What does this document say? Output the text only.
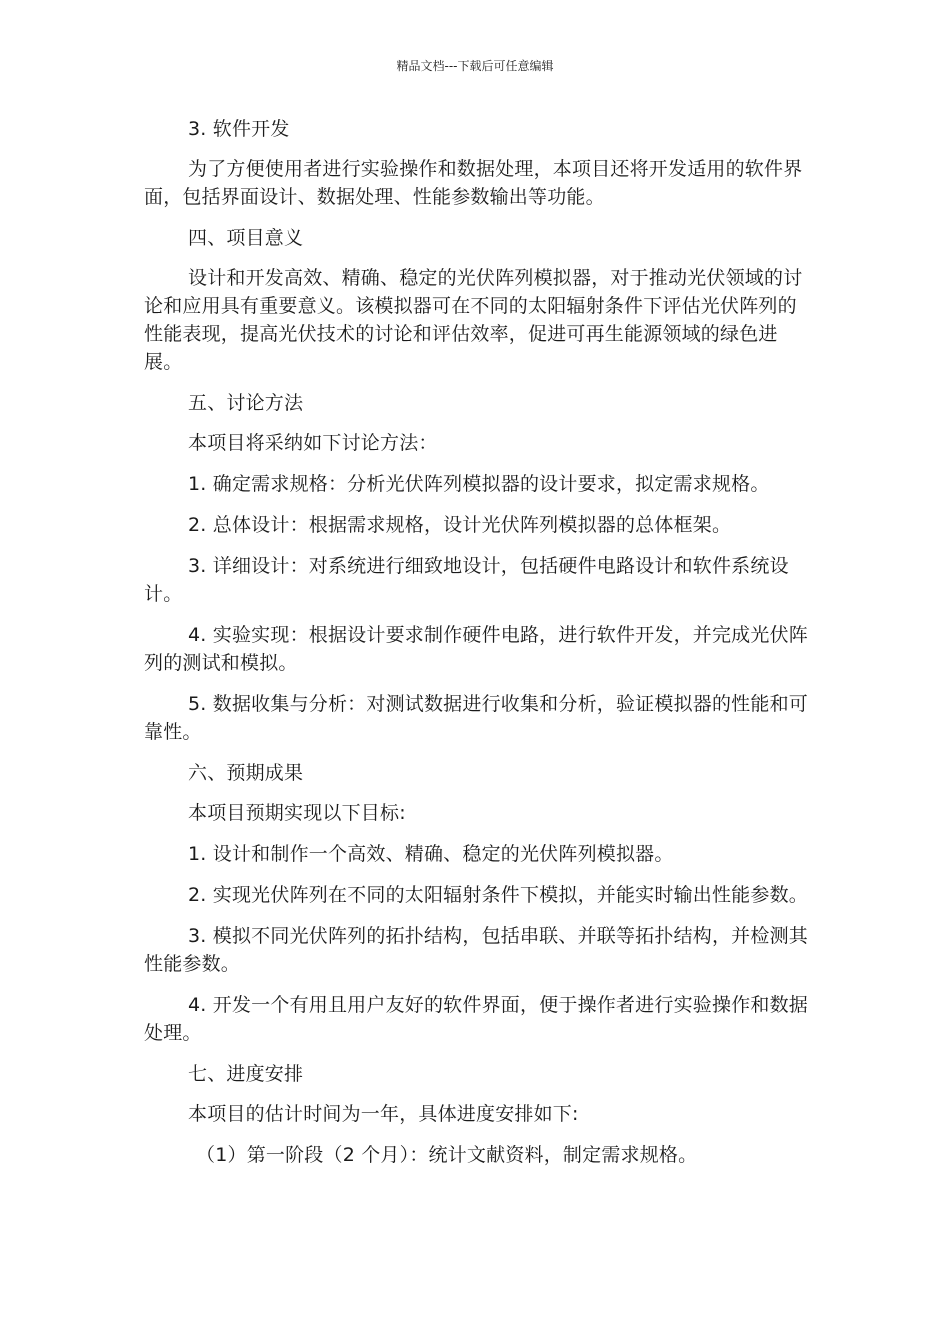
精品文档---下载后可任意编辑

3. 软件开发

为了方便使用者进行实验操作和数据处理，本项目还将开发适用的软件界面，包括界面设计、数据处理、性能参数输出等功能。

四、项目意义

设计和开发高效、精确、稳定的光伏阵列模拟器，对于推动光伏领域的讨论和应用具有重要意义。该模拟器可在不同的太阳辐射条件下评估光伏阵列的性能表现，提高光伏技术的讨论和评估效率，促进可再生能源领域的绿色进展。

五、讨论方法

本项目将采纳如下讨论方法：

1. 确定需求规格：分析光伏阵列模拟器的设计要求，拟定需求规格。

2. 总体设计：根据需求规格，设计光伏阵列模拟器的总体框架。

3. 详细设计：对系统进行细致地设计，包括硬件电路设计和软件系统设计。

4. 实验实现：根据设计要求制作硬件电路，进行软件开发，并完成光伏阵列的测试和模拟。

5. 数据收集与分析：对测试数据进行收集和分析，验证模拟器的性能和可靠性。

六、预期成果

本项目预期实现以下目标:

1. 设计和制作一个高效、精确、稳定的光伏阵列模拟器。

2. 实现光伏阵列在不同的太阳辐射条件下模拟，并能实时输出性能参数。

3. 模拟不同光伏阵列的拓扑结构，包括串联、并联等拓扑结构，并检测其性能参数。

4. 开发一个有用且用户友好的软件界面，便于操作者进行实验操作和数据处理。

七、进度安排

本项目的估计时间为一年，具体进度安排如下:

（1）第一阶段（2 个月）：统计文献资料，制定需求规格。
